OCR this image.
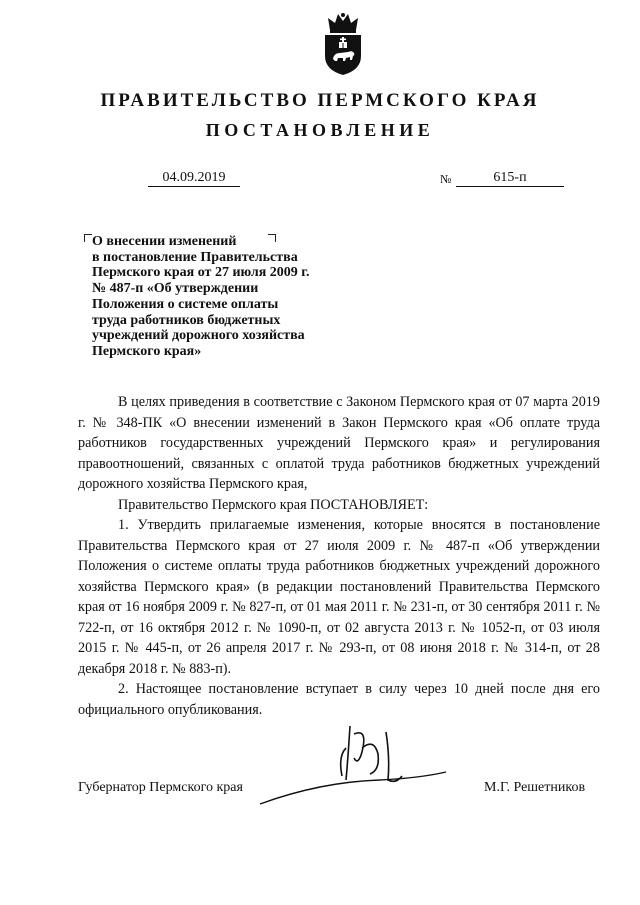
ПРАВИТЕЛЬСТВО ПЕРМСКОГО КРАЯ
ПОСТАНОВЛЕНИЕ
04.09.2019	№	615-п
О внесении изменений
в постановление Правительства
Пермского края от 27 июля 2009 г.
№ 487-п «Об утверждении
Положения о системе оплаты
труда работников бюджетных
учреждений дорожного хозяйства
Пермского края»

В целях приведения в соответствие с Законом Пермского края от 07 марта 2019 г. № 348-ПК «О внесении изменений в Закон Пермского края «Об оплате труда работников государственных учреждений Пермского края» и регулирования правоотношений, связанных с оплатой труда работников бюджетных учреждений дорожного хозяйства Пермского края,

Правительство Пермского края ПОСТАНОВЛЯЕТ:

1. Утвердить прилагаемые изменения, которые вносятся в постановление Правительства Пермского края от 27 июля 2009 г. № 487-п «Об утверждении Положения о системе оплаты труда работников бюджетных учреждений дорожного хозяйства Пермского края» (в редакции постановлений Правительства Пермского края от 16 ноября 2009 г. № 827-п, от 01 мая 2011 г. № 231-п, от 30 сентября 2011 г. № 722-п, от 16 октября 2012 г. № 1090-п, от 02 августа 2013 г. № 1052-п, от 03 июля 2015 г. № 445-п, от 26 апреля 2017 г. № 293-п, от 08 июня 2018 г. № 314-п, от 28 декабря 2018 г. № 883-п).

2. Настоящее постановление вступает в силу через 10 дней после дня его официального опубликования.

Губернатор Пермского края	М.Г. Решетников
